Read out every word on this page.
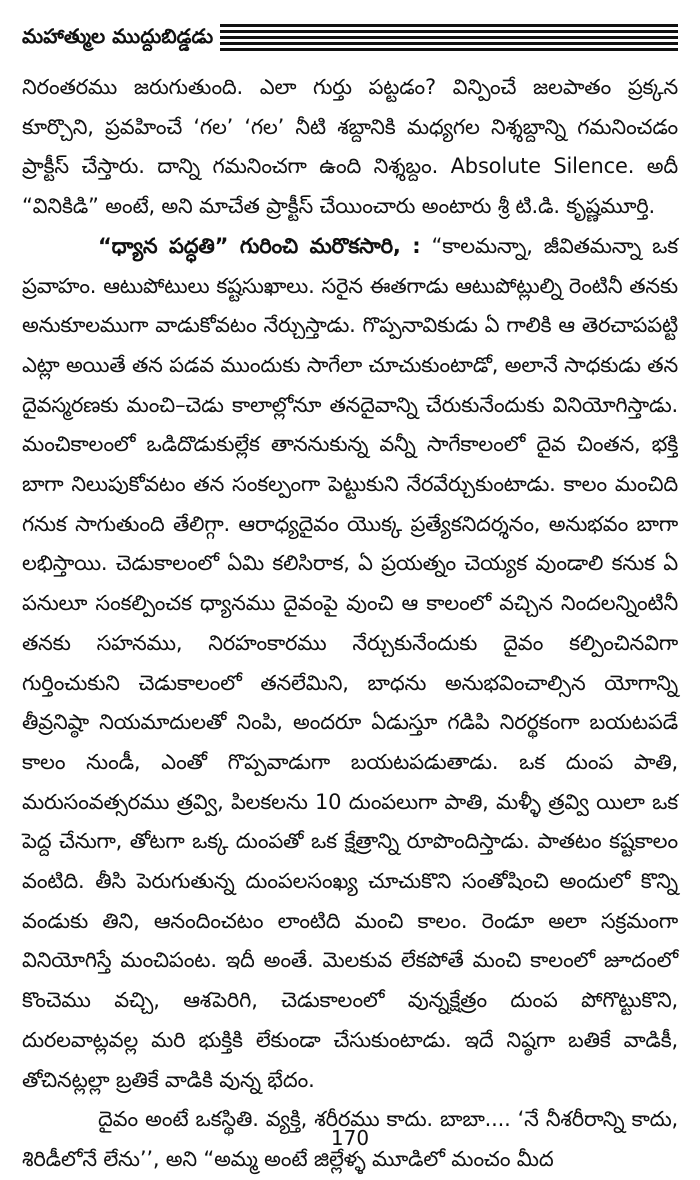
మహాత్ముల ముద్దుబిడ్డడు

నిరంతరము జరుగుతుంది. ఎలా గుర్తు పట్టడం? విన్పించే జలపాతం ప్రక్కన కూర్చొని, ప్రవహించే ‘గల’ ‘గల’ నీటి శబ్దానికి మధ్యగల నిశ్శబ్దాన్ని గమనించడం ప్రాక్టీస్ చేస్తారు. దాన్ని గమనించగా ఉంది నిశ్శబ్దం. Absolute Silence. అదీ “వినికిడి” అంటే, అని మాచేత ప్రాక్టీస్ చేయించారు అంటారు శ్రీ టి.డి. కృష్ణమూర్తి.

“ధ్యాన పద్ధతి” గురించి మరొకసారి, : “కాలమన్నా, జీవితమన్నా ఒక ప్రవాహం. ఆటుపోటులు కష్టసుఖాలు. సరైన ఈతగాడు ఆటుపోట్లుల్ని రెంటినీ తనకు అనుకూలముగా వాడుకోవటం నేర్చుస్తాడు. గొప్పనావికుడు ఏ గాలికి ఆ తెరచాపపట్టి ఎట్లా అయితే తన పడవ ముందుకు సాగేలా చూచుకుంటాడో, అలానే సాధకుడు తన దైవస్మరణకు మంచి–చెడు కాలాల్లోనూ తనదైవాన్ని చేరుకునేందుకు వినియోగిస్తాడు. మంచికాలంలో ఒడిదొడుకుల్లేక తాననుకున్న వన్నీ సాగేకాలంలో దైవ చింతన, భక్తి బాగా నిలుపుకోవటం తన సంకల్పంగా పెట్టుకుని నేరవేర్చుకుంటాడు. కాలం మంచిది గనుక సాగుతుంది తేలిగ్గా. ఆరాధ్యదైవం యొక్క ప్రత్యేకనిదర్శనం, అనుభవం బాగా లభిస్తాయి. చెడుకాలంలో ఏమి కలిసిరాక, ఏ ప్రయత్నం చెయ్యక వుండాలి కనుక ఏ పనులూ సంకల్పించక ధ్యానము దైవంపై వుంచి ఆ కాలంలో వచ్చిన నిందలన్నింటినీ తనకు సహనము, నిరహంకారము నేర్చుకునేందుకు దైవం కల్పించినవిగా గుర్తించుకుని చెడుకాలంలో తనలేమిని, బాధను అనుభవించాల్సిన యోగాన్ని తీవ్రనిష్ఠా నియమాదులతో నింపి, అందరూ ఏడుస్తూ గడిపి నిరర్థకంగా బయటపడే కాలం నుండీ, ఎంతో గొప్పవాడుగా బయటపడుతాడు. ఒక దుంప పాతి, మరుసంవత్సరము త్రవ్వి, పిలకలను 10 దుంపలుగా పాతి, మళ్ళీ త్రవ్వి యిలా ఒక పెద్ద చేనుగా, తోటగా ఒక్క దుంపతో ఒక క్షేత్రాన్ని రూపొందిస్తాడు. పాతటం కష్టకాలం వంటిది. తీసి పెరుగుతున్న దుంపలసంఖ్య చూచుకొని సంతోషించి అందులో కొన్ని వండుకు తిని, ఆనందించటం లాంటిది మంచి కాలం. రెండూ అలా సక్రమంగా వినియోగిస్తే మంచిపంట. ఇదీ అంతే. మెలకువ లేకపోతే మంచి కాలంలో జూదంలో కొంచెము వచ్చి, ఆశపెరిగి, చెడుకాలంలో వున్నక్షేత్రం దుంప పోగొట్టుకొని, దురలవాట్లవల్ల మరి భుక్తికి లేకుండా చేసుకుంటాడు. ఇదే నిష్ఠగా బతికే వాడికీ, తోచినట్లల్లా బ్రతికే వాడికి వున్న భేదం.

దైవం అంటే ఒకస్థితి. వ్యక్తి, శరీరము కాదు. బాబా.... ‘నే నీశరీరాన్ని కాదు, శిరిడీలోనే లేను’’, అని “అమ్మ అంటే జిల్లేళ్ళ మూడిలో మంచం మీద

170
